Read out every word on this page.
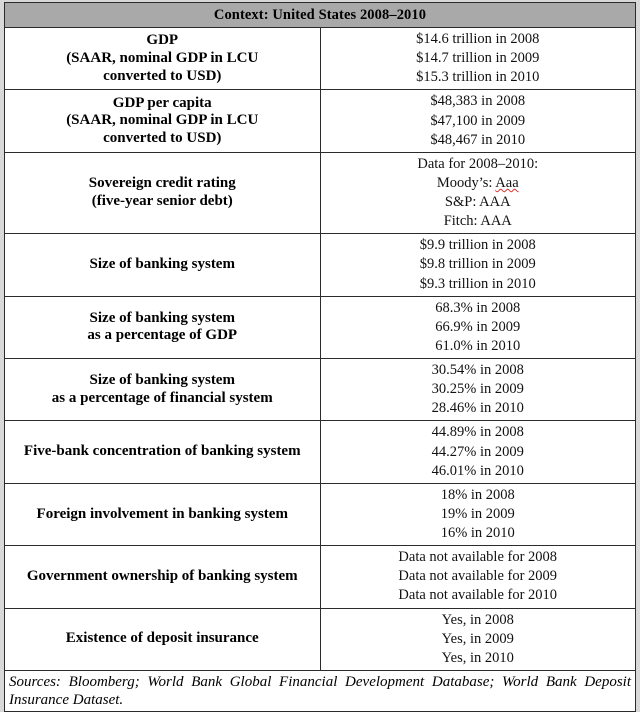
Context: United States 2008–2010	

GDP
(SAAR, nominal GDP in LCU
converted to USD)	$14.6 trillion in 2008
$14.7 trillion in 2009
$15.3 trillion in 2010

GDP per capita
(SAAR, nominal GDP in LCU
converted to USD)	$48,383 in 2008
$47,100 in 2009
$48,467 in 2010

Sovereign credit rating
(five-year senior debt)	Data for 2008–2010:
Moody’s: Aaa
S&P: AAA
Fitch: AAA

Size of banking system	$9.9 trillion in 2008
$9.8 trillion in 2009
$9.3 trillion in 2010

Size of banking system
as a percentage of GDP	68.3% in 2008
66.9% in 2009
61.0% in 2010

Size of banking system
as a percentage of financial system	30.54% in 2008
30.25% in 2009
28.46% in 2010

Five-bank concentration of banking system	44.89% in 2008
44.27% in 2009
46.01% in 2010

Foreign involvement in banking system	18% in 2008
19% in 2009
16% in 2010

Government ownership of banking system	Data not available for 2008
Data not available for 2009
Data not available for 2010

Existence of deposit insurance	Yes, in 2008
Yes, in 2009
Yes, in 2010

Sources: Bloomberg; World Bank Global Financial Development Database; World Bank Deposit Insurance Dataset.	
